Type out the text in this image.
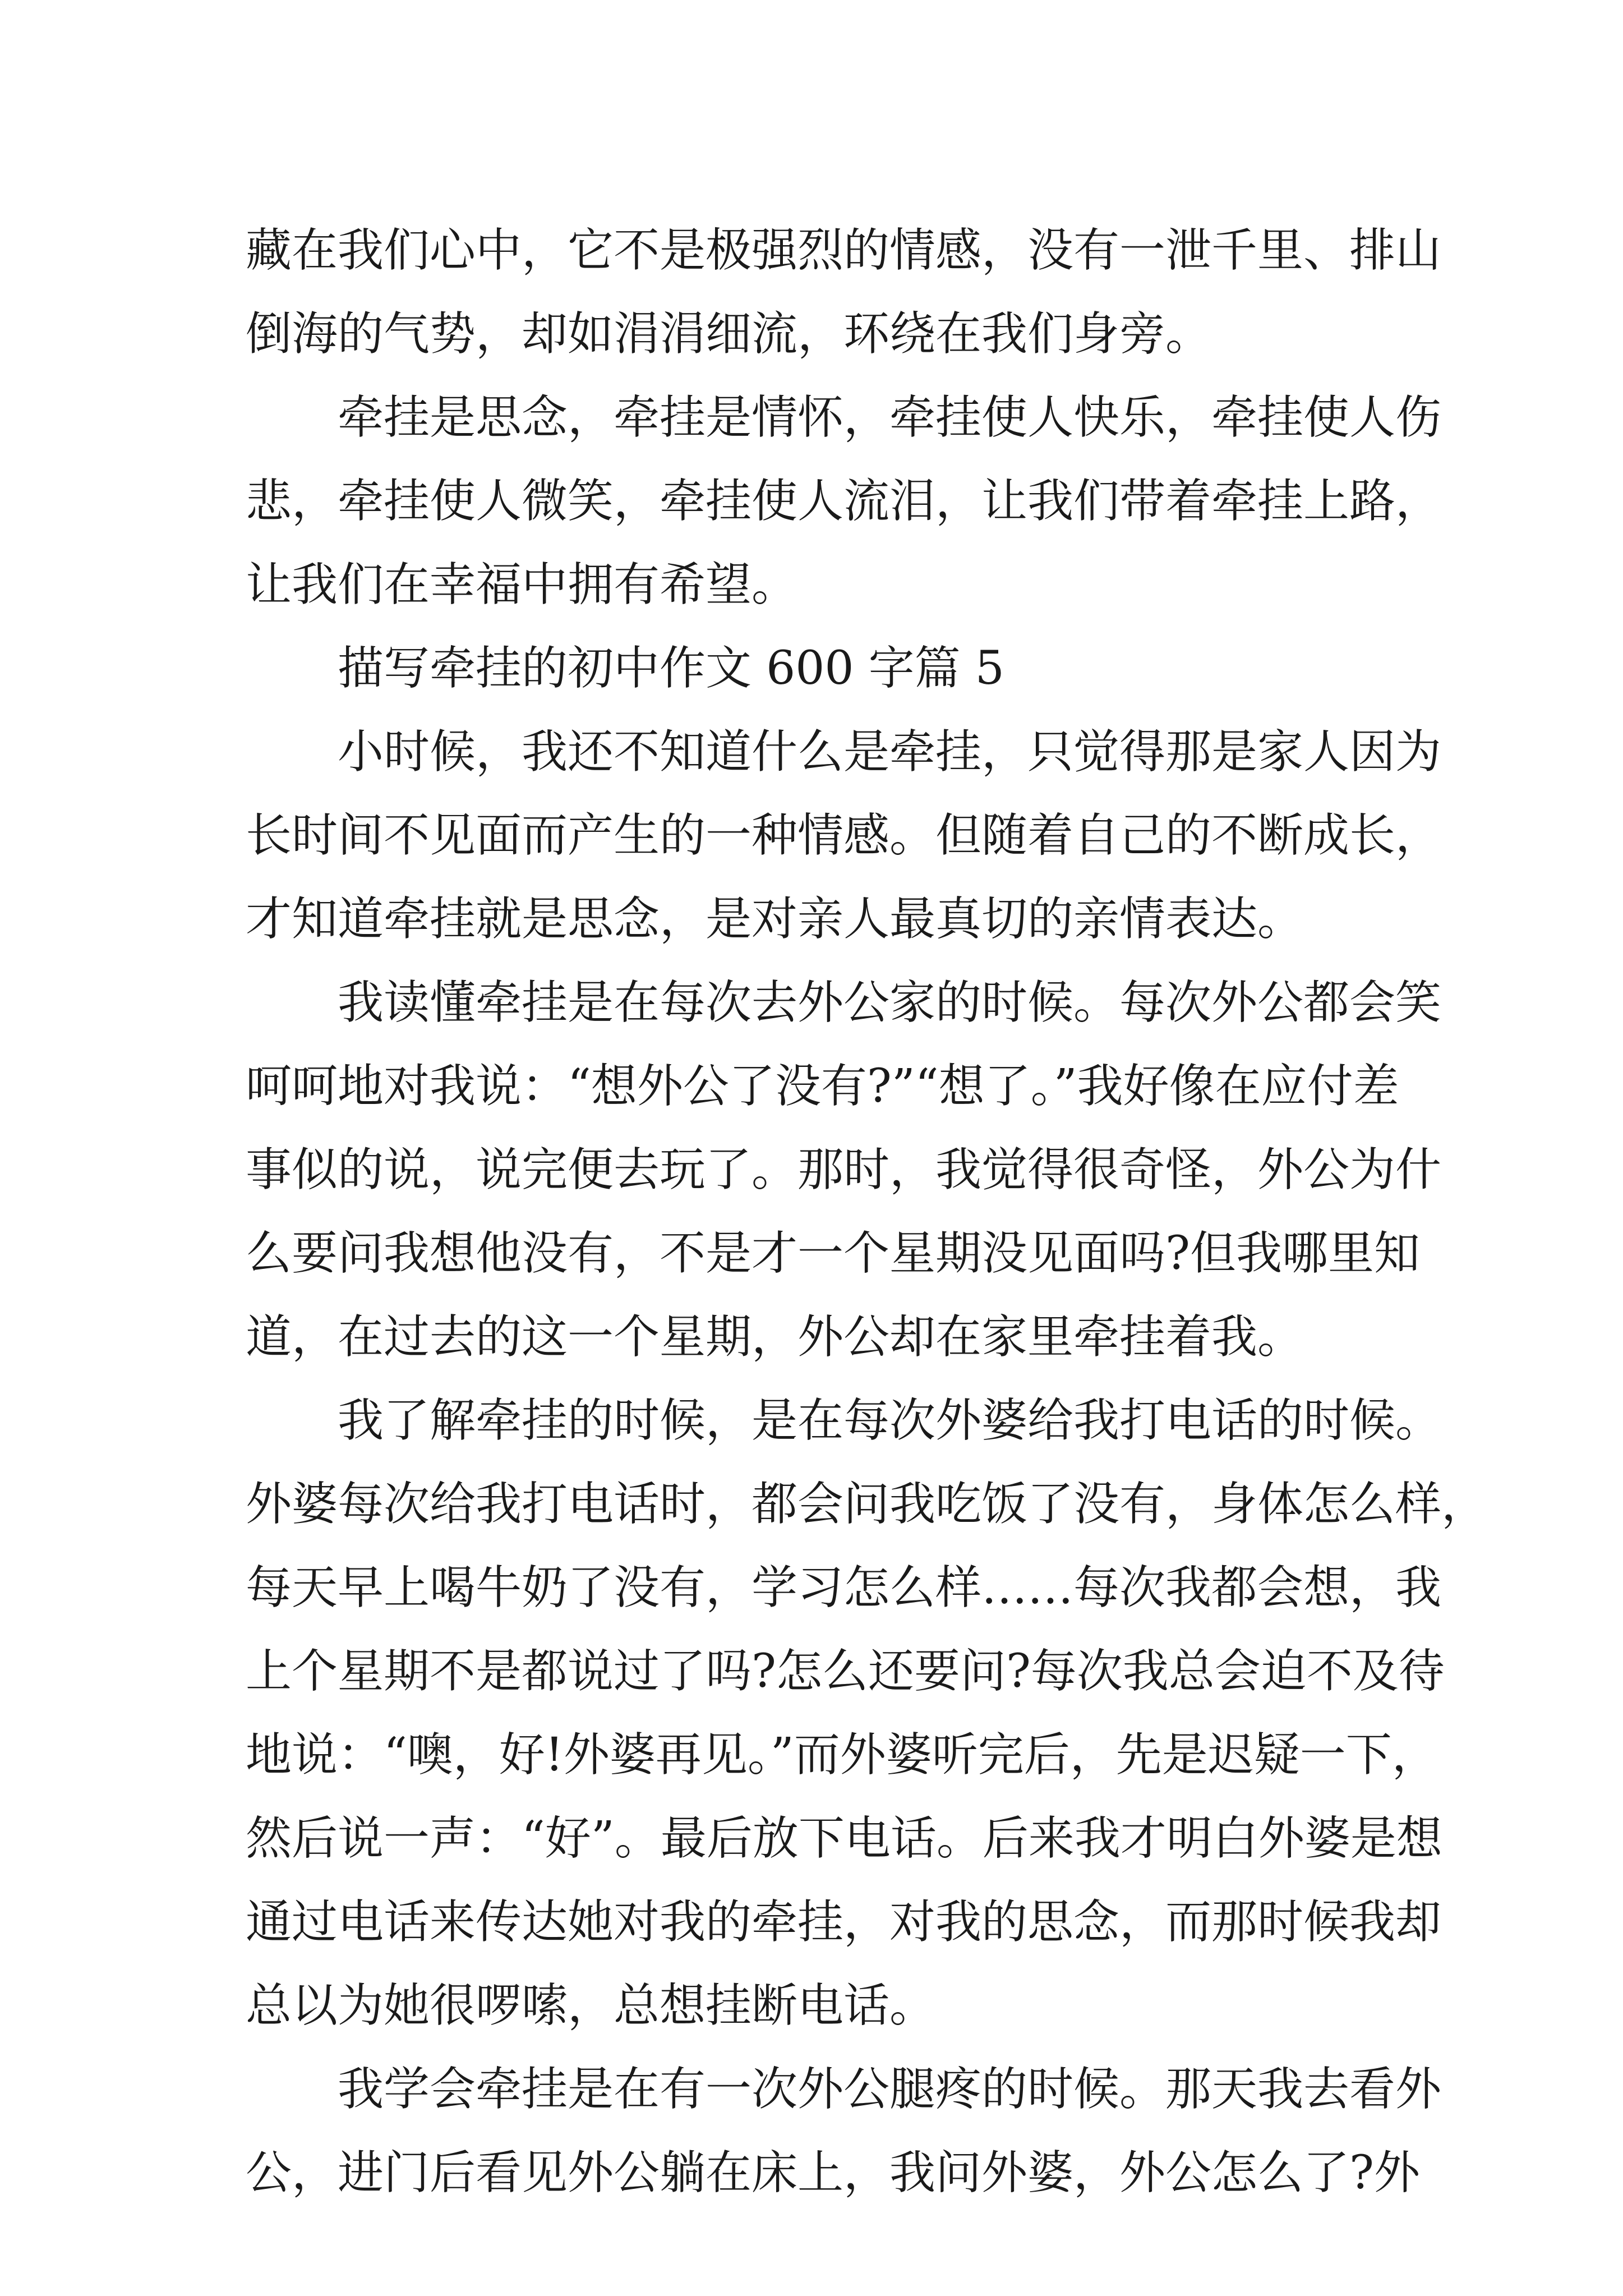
藏在我们心中，它不是极强烈的情感，没有一泄千里、排山
倒海的气势，却如涓涓细流，环绕在我们身旁。
牵挂是思念，牵挂是情怀，牵挂使人快乐，牵挂使人伤
悲，牵挂使人微笑，牵挂使人流泪，让我们带着牵挂上路，
让我们在幸福中拥有希望。
描写牵挂的初中作文 600 字篇 5
小时候，我还不知道什么是牵挂，只觉得那是家人因为
长时间不见面而产生的一种情感。但随着自己的不断成长，
才知道牵挂就是思念，是对亲人最真切的亲情表达。
我读懂牵挂是在每次去外公家的时候。每次外公都会笑
呵呵地对我说：“想外公了没有?”“想了。”我好像在应付差
事似的说，说完便去玩了。那时，我觉得很奇怪，外公为什
么要问我想他没有，不是才一个星期没见面吗?但我哪里知
道，在过去的这一个星期，外公却在家里牵挂着我。
我了解牵挂的时候，是在每次外婆给我打电话的时候。
外婆每次给我打电话时，都会问我吃饭了没有，身体怎么样，
每天早上喝牛奶了没有，学习怎么样……每次我都会想，我
上个星期不是都说过了吗?怎么还要问?每次我总会迫不及待
地说：“噢，好!外婆再见。”而外婆听完后，先是迟疑一下，
然后说一声：“好”。最后放下电话。后来我才明白外婆是想
通过电话来传达她对我的牵挂，对我的思念，而那时候我却
总以为她很啰嗦，总想挂断电话。
我学会牵挂是在有一次外公腿疼的时候。那天我去看外
公，进门后看见外公躺在床上，我问外婆，外公怎么了?外
